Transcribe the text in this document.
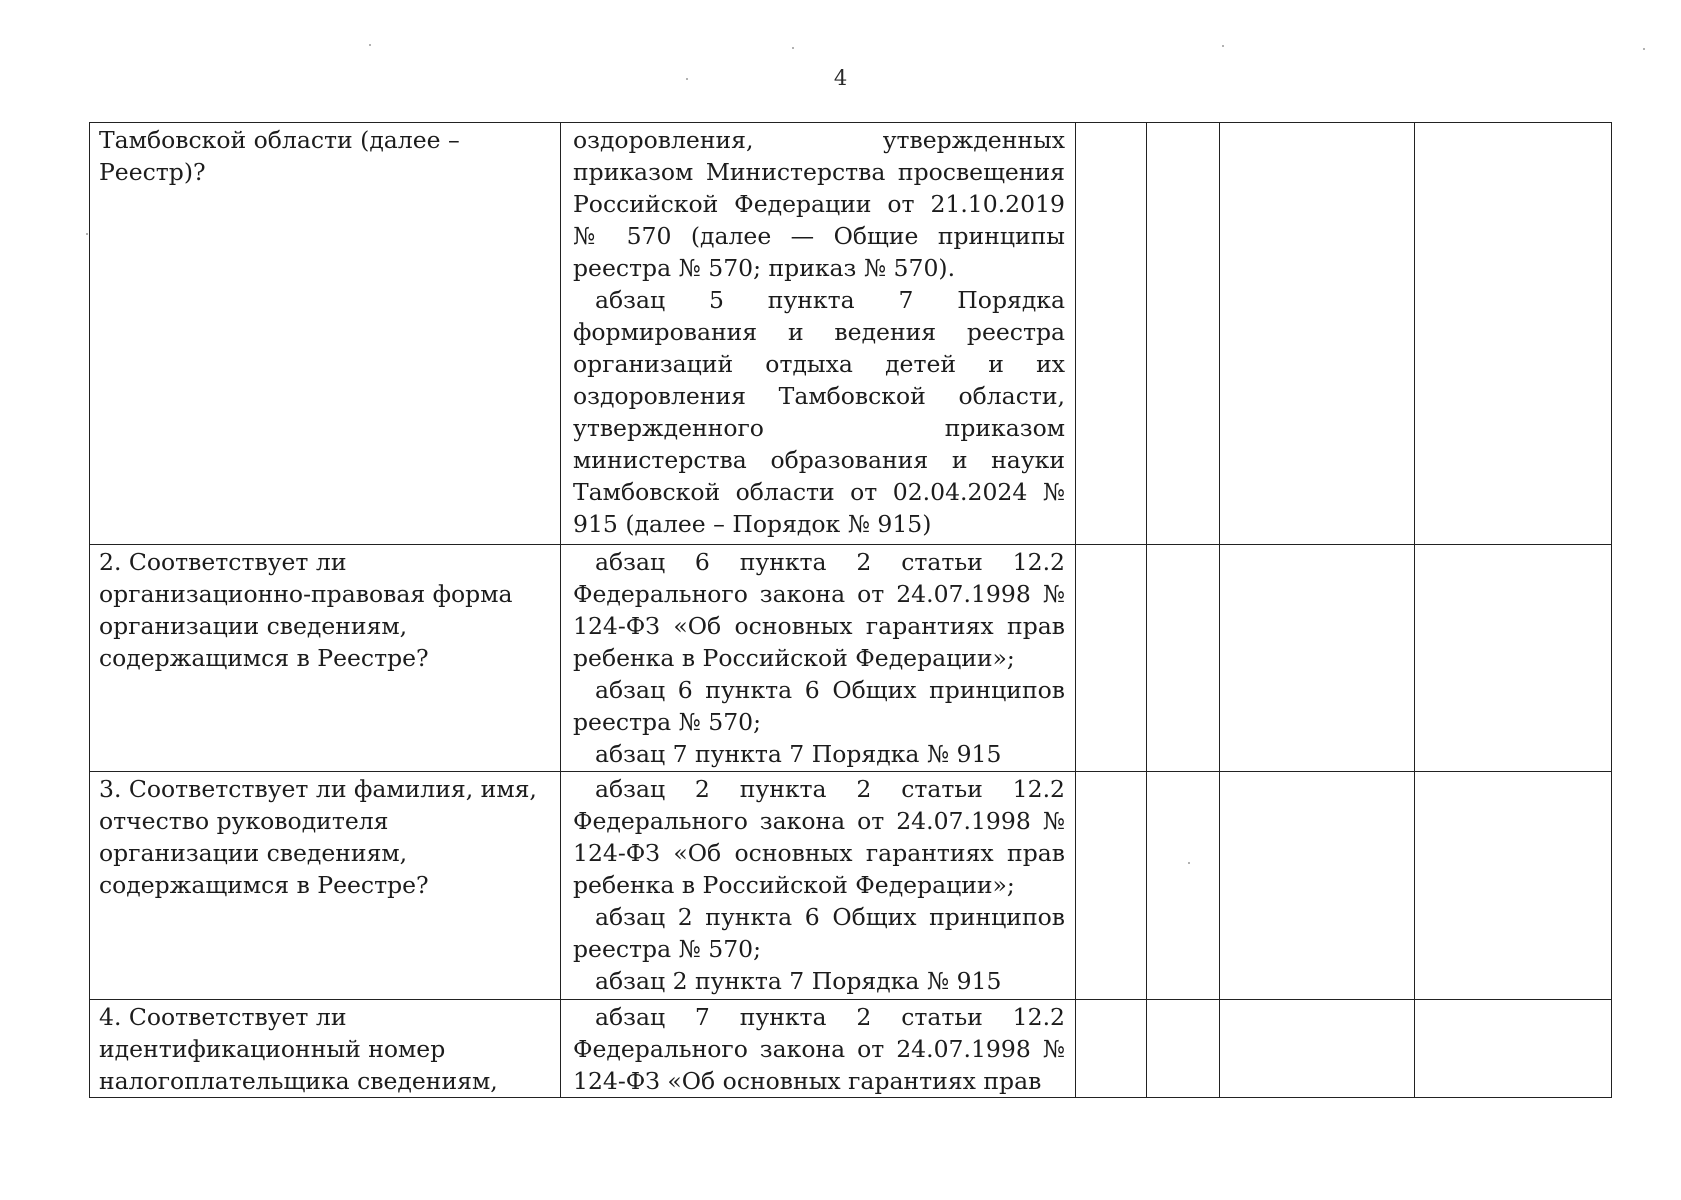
4
Тамбовской области (далее – Реестр)?	оздоровления, утвержденных приказом Министерства просвещения Российской Федерации от 21.10.2019 № 570 (далее — Общие принципы реестра № 570; приказ № 570).
абзац 5 пункта 7 Порядка формирования и ведения реестра организаций отдыха детей и их оздоровления Тамбовской области, утвержденного приказом министерства образования и науки Тамбовской области от 02.04.2024 № 915 (далее – Порядок № 915)				

2. Соответствует ли организационно-правовая форма организации сведениям, содержащимся в Реестре?	абзац 6 пункта 2 статьи 12.2 Федерального закона от 24.07.1998 № 124-ФЗ «Об основных гарантиях прав ребенка в Российской Федерации»;
абзац 6 пункта 6 Общих принципов реестра № 570;
абзац 7 пункта 7 Порядка № 915				

3. Соответствует ли фамилия, имя, отчество руководителя организации сведениям, содержащимся в Реестре?	абзац 2 пункта 2 статьи 12.2 Федерального закона от 24.07.1998 № 124-ФЗ «Об основных гарантиях прав ребенка в Российской Федерации»;
абзац 2 пункта 6 Общих принципов реестра № 570;
абзац 2 пункта 7 Порядка № 915				

4. Соответствует ли идентификационный номер налогоплательщика сведениям,	абзац 7 пункта 2 статьи 12.2 Федерального закона от 24.07.1998 № 124-ФЗ «Об основных гарантиях прав				
